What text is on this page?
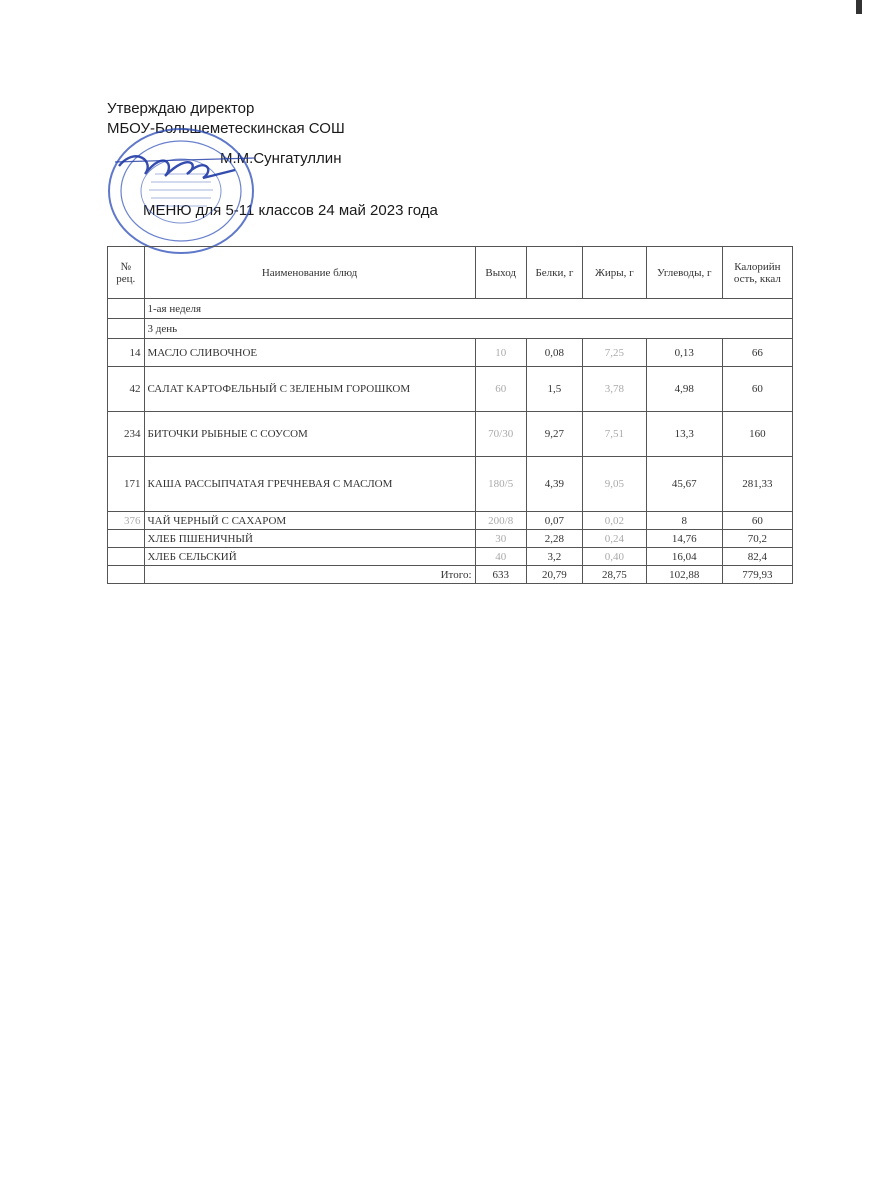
Утверждаю директор
МБОУ-Большеметескинская СОШ
М.М.Сунгатуллин
МЕНЮ для 5-11 классов 24 май 2023 года
№ рец.	Наименование блюд	Выход	Белки, г	Жиры, г	Углеводы, г	Калорийн ость, ккал
	1-ая неделя					
	3 день					
14	МАСЛО СЛИВОЧНОЕ	10	0,08	7,25	0,13	66
42	САЛАТ КАРТОФЕЛЬНЫЙ С ЗЕЛЕНЫМ ГОРОШКОМ	60	1,5	3,78	4,98	60
234	БИТОЧКИ РЫБНЫЕ С СОУСОМ	70/30	9,27	7,51	13,3	160
171	КАША РАССЫПЧАТАЯ ГРЕЧНЕВАЯ С МАСЛОМ	180/5	4,39	9,05	45,67	281,33
376	ЧАЙ ЧЕРНЫЙ С САХАРОМ	200/8	0,07	0,02	8	60
	ХЛЕБ ПШЕНИЧНЫЙ	30	2,28	0,24	14,76	70,2
	ХЛЕБ СЕЛЬСКИЙ	40	3,2	0,40	16,04	82,4
	Итого:	633	20,79	28,75	102,88	779,93
